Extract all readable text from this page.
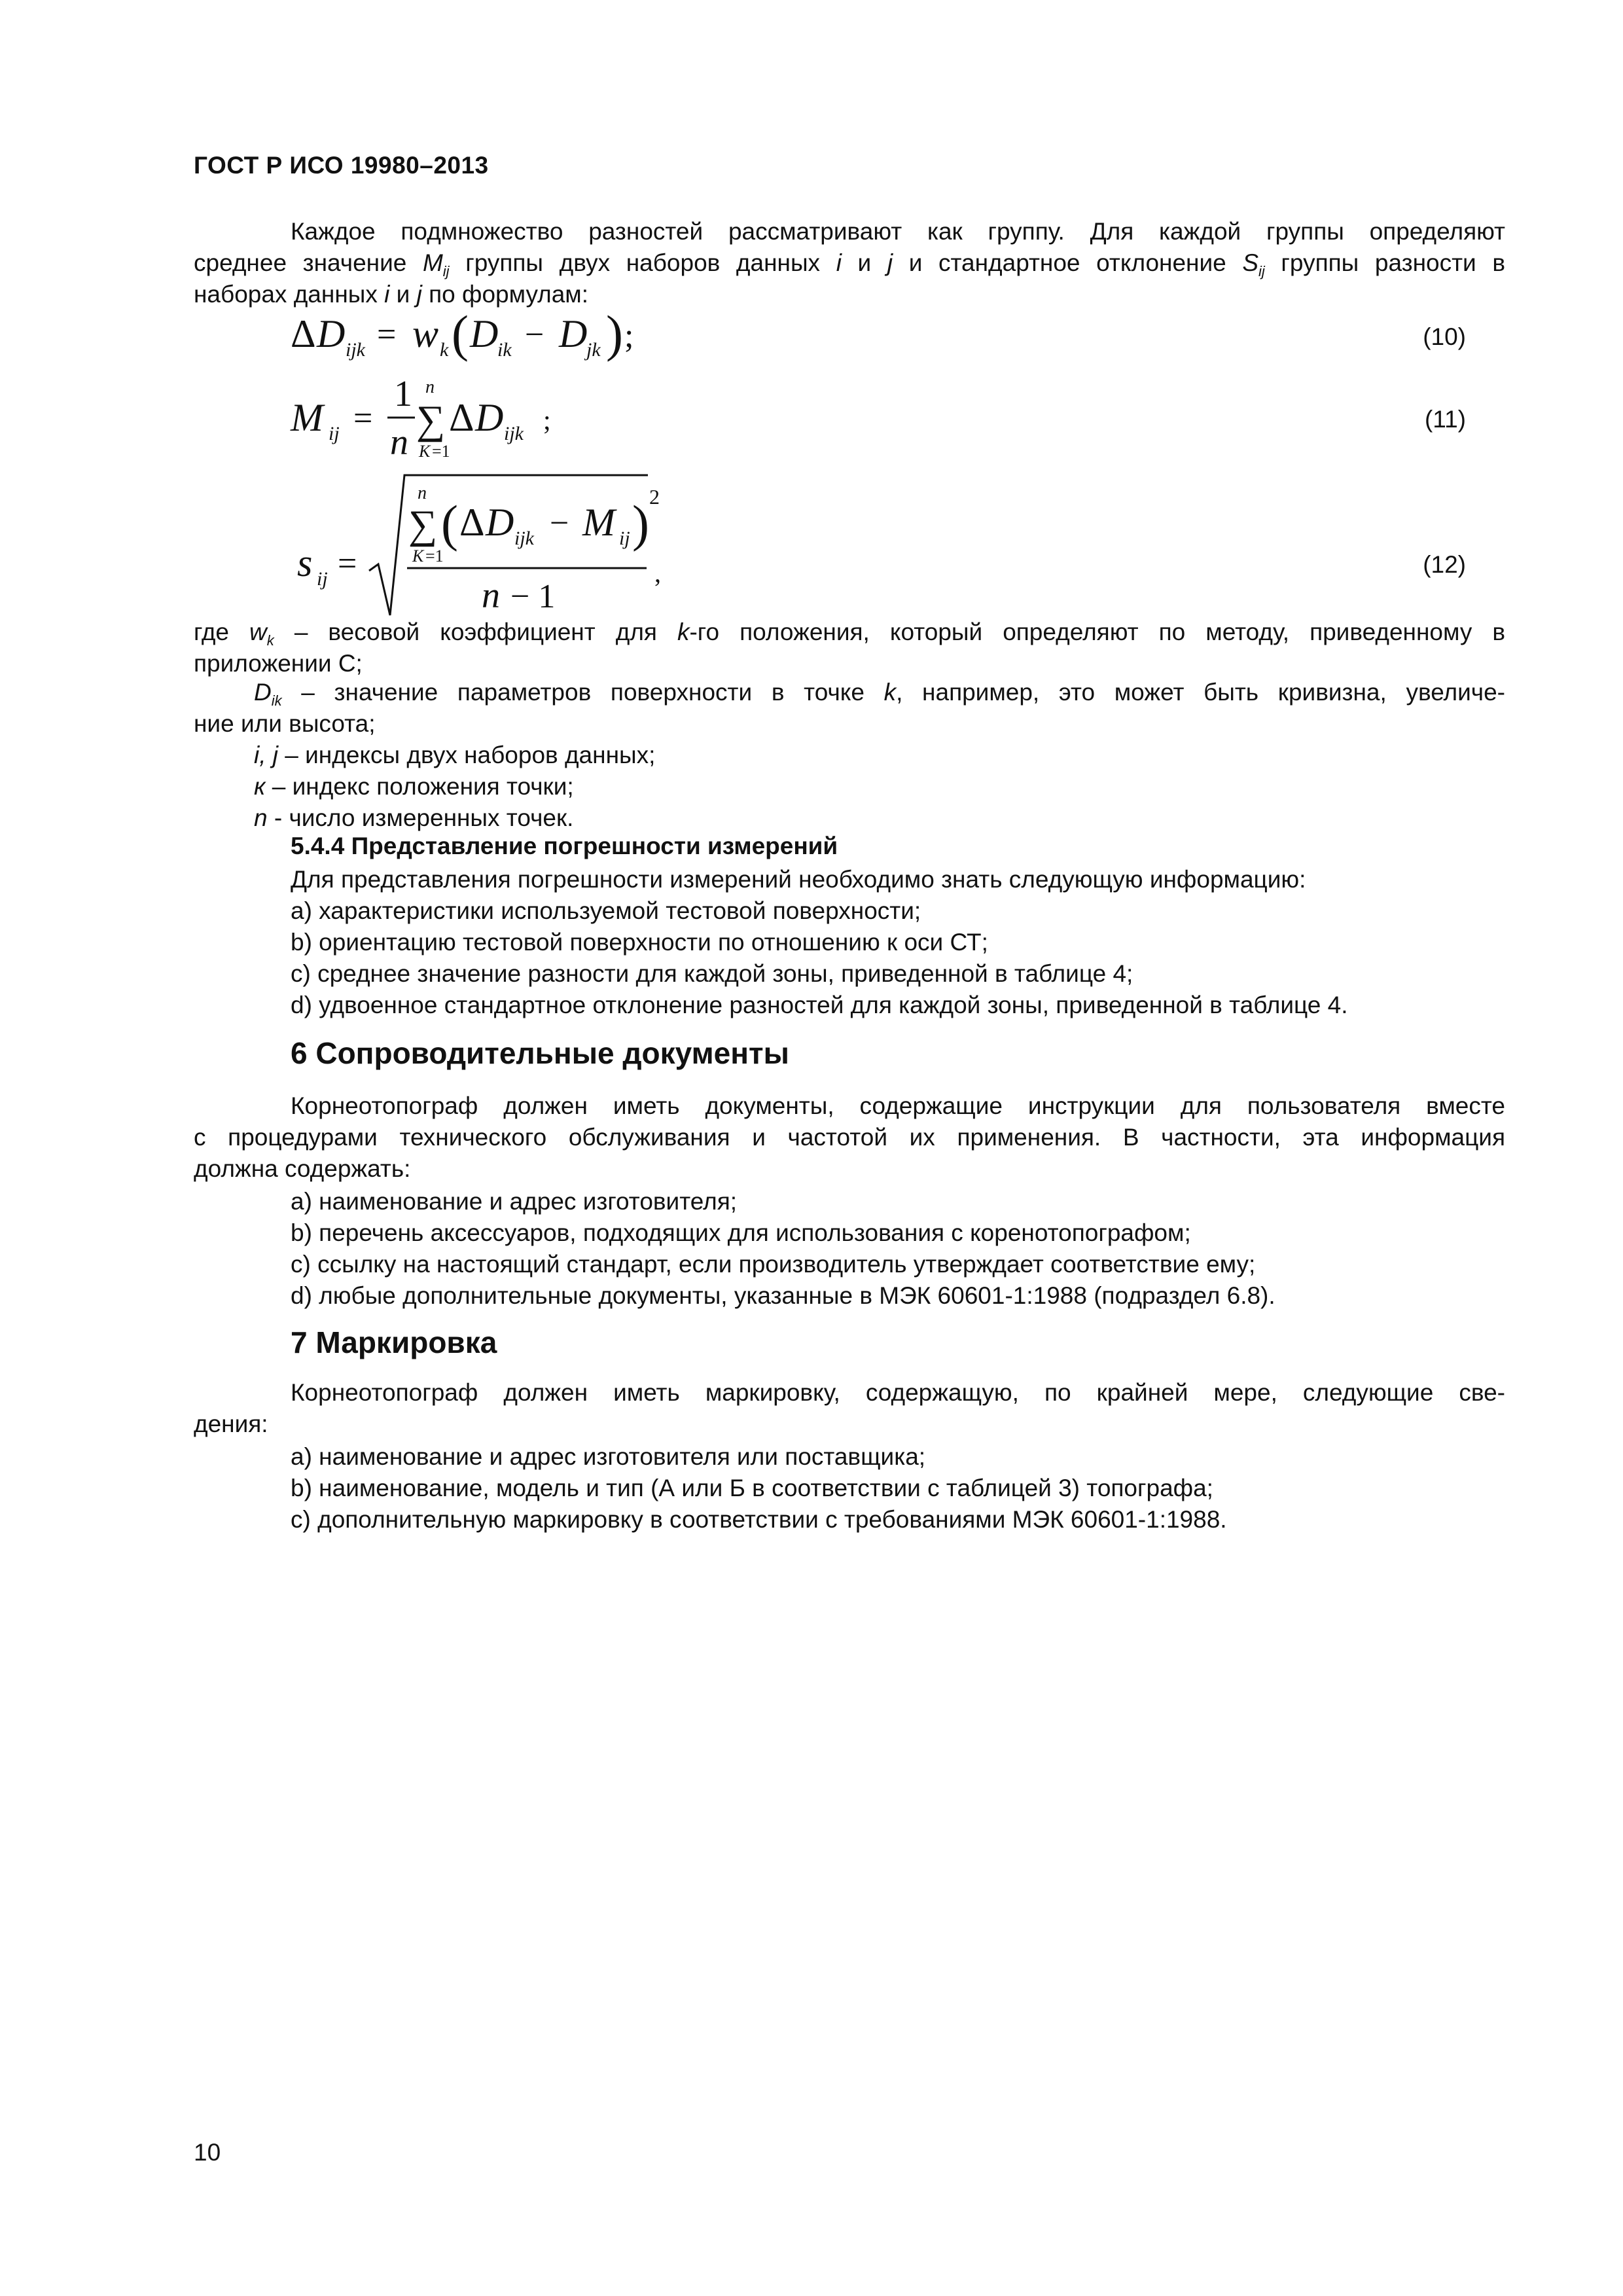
ГОСТ Р ИСО 19980–2013
Каждое подмножество разностей рассматривают как группу. Для каждой группы определяют
среднее значение $M_{ij}$ группы двух наборов данных i и j и стандартное отклонение $S_{ij}$ группы разности в
наборах данных i и j по формулам:
Δ D ijk = w k ( D
ik − D
jk ) ;	(10)
M ij =
1
n
n
∑
K =1
Δ D ijk ;	(11)
s ij =
n
∑
K =1
( Δ D ijk − M ij ) 2
n − 1
,	(12)
где $w_k$ – весовой коэффициент для k-го положения, который определяют по методу, приведенному в
приложении С;
$D_{ik}$ – значение параметров поверхности в точке k, например, это может быть кривизна, увеличе-
ние или высота;
i, j – индексы двух наборов данных;
к – индекс положения точки;
n - число измеренных точек.
5.4.4 Представление погрешности измерений
Для представления погрешности измерений необходимо знать следующую информацию:
a) характеристики используемой тестовой поверхности;
b) ориентацию тестовой поверхности по отношению к оси СТ;
c) среднее значение разности для каждой зоны, приведенной в таблице 4;
d) удвоенное стандартное отклонение разностей для каждой зоны, приведенной в таблице 4.
6 Сопроводительные документы
Корнеотопограф должен иметь документы, содержащие инструкции для пользователя вместе
с процедурами технического обслуживания и частотой их применения. В частности, эта информация
должна содержать:
a) наименование и адрес изготовителя;
b) перечень аксессуаров, подходящих для использования с коренотопографом;
c) ссылку на настоящий стандарт, если производитель утверждает соответствие ему;
d) любые дополнительные документы, указанные в МЭК 60601-1:1988 (подраздел 6.8).
7 Маркировка
Корнеотопограф должен иметь маркировку, содержащую, по крайней мере, следующие све-
дения:
a) наименование и адрес изготовителя или поставщика;
b) наименование, модель и тип (А или Б в соответствии с таблицей 3) топографа;
c) дополнительную маркировку в соответствии с требованиями МЭК 60601-1:1988.
10
